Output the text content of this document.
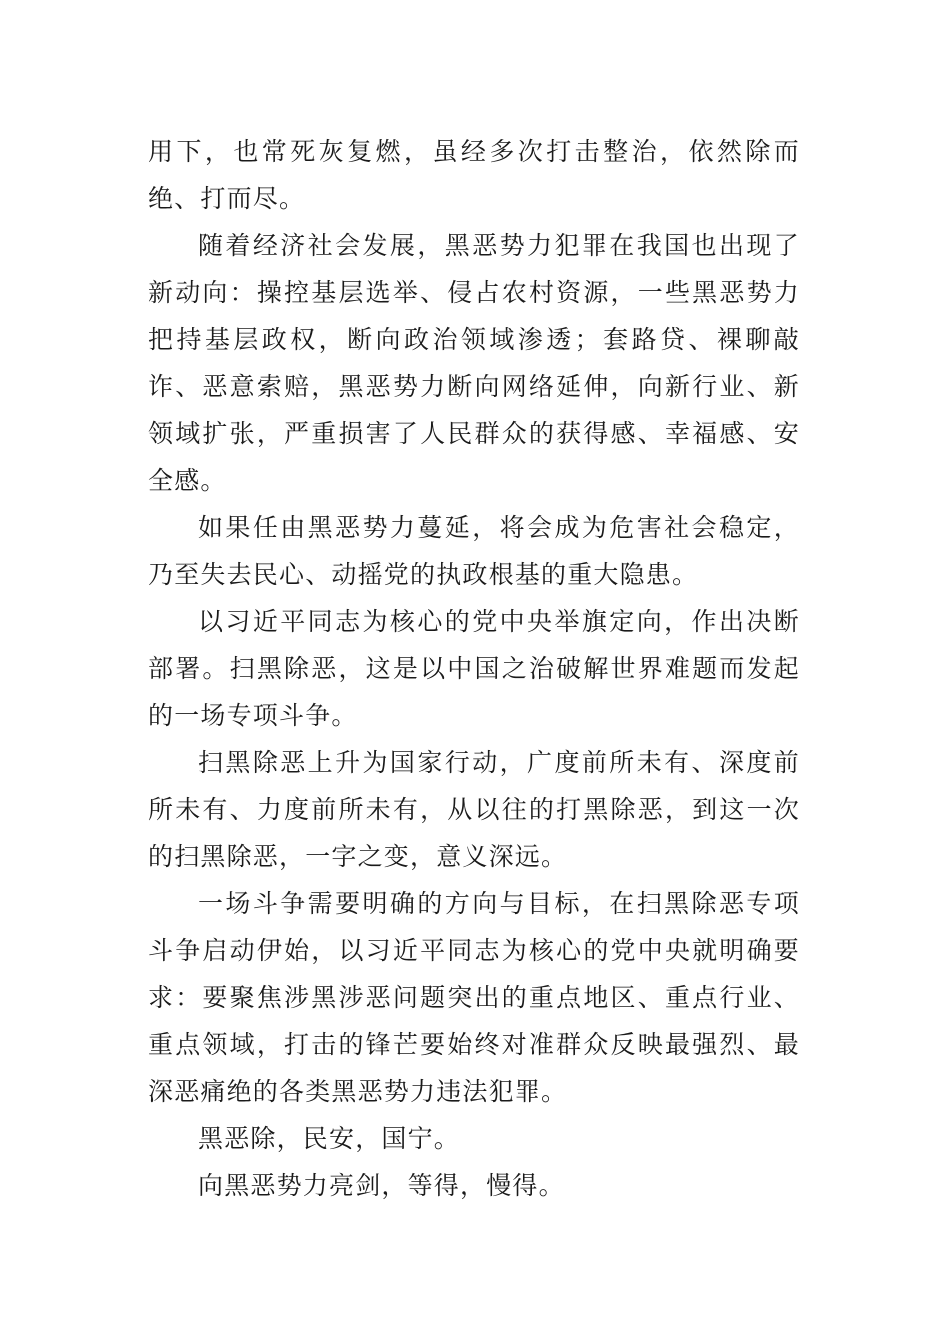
用下，也常死灰复燃，虽经多次打击整治，依然除而绝、打而尽。

随着经济社会发展，黑恶势力犯罪在我国也出现了新动向：操控基层选举、侵占农村资源，一些黑恶势力把持基层政权，断向政治领域渗透；套路贷、裸聊敲诈、恶意索赔，黑恶势力断向网络延伸，向新行业、新领域扩张，严重损害了人民群众的获得感、幸福感、安全感。

如果任由黑恶势力蔓延，将会成为危害社会稳定，乃至失去民心、动摇党的执政根基的重大隐患。

以习近平同志为核心的党中央举旗定向，作出决断部署。扫黑除恶，这是以中国之治破解世界难题而发起的一场专项斗争。

扫黑除恶上升为国家行动，广度前所未有、深度前所未有、力度前所未有，从以往的打黑除恶，到这一次的扫黑除恶，一字之变，意义深远。

一场斗争需要明确的方向与目标，在扫黑除恶专项斗争启动伊始，以习近平同志为核心的党中央就明确要求：要聚焦涉黑涉恶问题突出的重点地区、重点行业、重点领域，打击的锋芒要始终对准群众反映最强烈、最深恶痛绝的各类黑恶势力违法犯罪。

黑恶除，民安，国宁。

向黑恶势力亮剑，等得，慢得。
